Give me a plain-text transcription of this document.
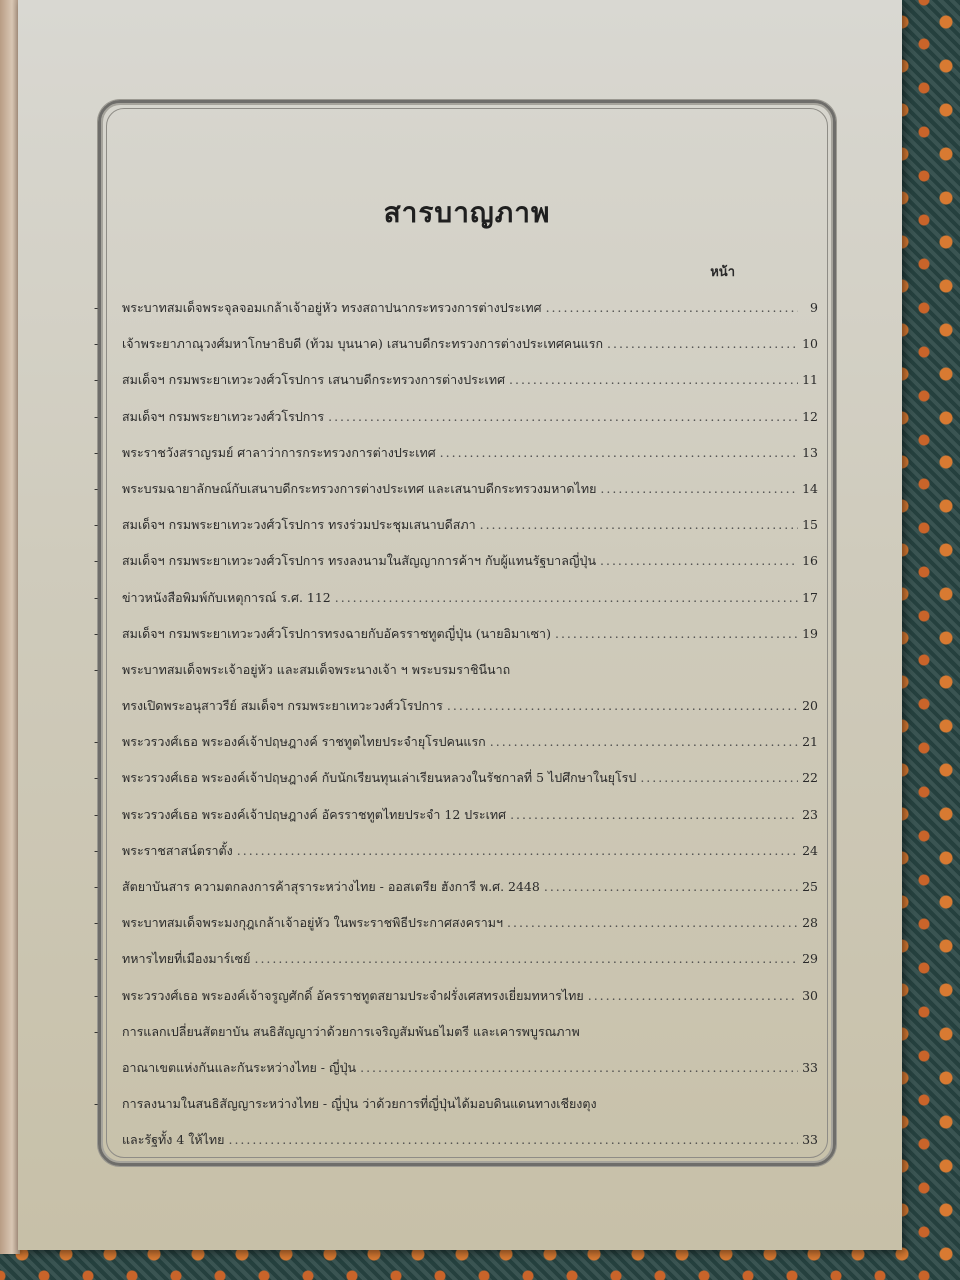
สารบาญภาพ
หน้า
- พระบาทสมเด็จพระจุลจอมเกล้าเจ้าอยู่หัว ทรงสถาปนากระทรวงการต่างประเทศ .....	9
- เจ้าพระยาภาณุวงศ์มหาโกษาธิบดี (ท้วม บุนนาค) เสนาบดีกระทรวงการต่างประเทศคนแรก .....	10
- สมเด็จฯ กรมพระยาเทวะวงศ์วโรปการ เสนาบดีกระทรวงการต่างประเทศ .....	11
- สมเด็จฯ กรมพระยาเทวะวงศ์วโรปการ .....	12
- พระราชวังสราญรมย์ ศาลาว่าการกระทรวงการต่างประเทศ .....	13
- พระบรมฉายาลักษณ์กับเสนาบดีกระทรวงการต่างประเทศ และเสนาบดีกระทรวงมหาดไทย .....	14
- สมเด็จฯ กรมพระยาเทวะวงศ์วโรปการ ทรงร่วมประชุมเสนาบดีสภา .....	15
- สมเด็จฯ กรมพระยาเทวะวงศ์วโรปการ ทรงลงนามในสัญญาการค้าฯ กับผู้แทนรัฐบาลญี่ปุ่น .....	16
- ข่าวหนังสือพิมพ์กับเหตุการณ์ ร.ศ. 112 .....	17
- สมเด็จฯ กรมพระยาเทวะวงศ์วโรปการทรงฉายกับอัครราชทูตญี่ปุ่น (นายอิมาเซา) .....	19
- พระบาทสมเด็จพระเจ้าอยู่หัว และสมเด็จพระนางเจ้า ฯ พระบรมราชินีนาถ
ทรงเปิดพระอนุสาวรีย์ สมเด็จฯ กรมพระยาเทวะวงศ์วโรปการ .....	20
- พระวรวงศ์เธอ พระองค์เจ้าปฤษฎางค์ ราชทูตไทยประจำยุโรปคนแรก .....	21
- พระวรวงศ์เธอ พระองค์เจ้าปฤษฎางค์ กับนักเรียนทุนเล่าเรียนหลวงในรัชกาลที่ 5 ไปศึกษาในยุโรป .....	22
- พระวรวงศ์เธอ พระองค์เจ้าปฤษฎางค์ อัครราชทูตไทยประจำ 12 ประเทศ .....	23
- พระราชสาสน์ตราตั้ง .....	24
- สัตยาบันสาร ความตกลงการค้าสุราระหว่างไทย - ออสเตรีย ฮังการี พ.ศ. 2448 .....	25
- พระบาทสมเด็จพระมงกุฎเกล้าเจ้าอยู่หัว ในพระราชพิธีประกาศสงครามฯ .....	28
- ทหารไทยที่เมืองมาร์เซย์ .....	29
- พระวรวงศ์เธอ พระองค์เจ้าจรูญศักดิ์ อัครราชทูตสยามประจำฝรั่งเศสทรงเยี่ยมทหารไทย .....	30
- การแลกเปลี่ยนสัตยาบัน สนธิสัญญาว่าด้วยการเจริญสัมพันธไมตรี และเคารพบูรณภาพ
อาณาเขตแห่งกันและกันระหว่างไทย - ญี่ปุ่น .....	33
- การลงนามในสนธิสัญญาระหว่างไทย - ญี่ปุ่น ว่าด้วยการที่ญี่ปุ่นได้มอบดินแดนทางเชียงตุง
และรัฐทั้ง 4 ให้ไทย .....	33
